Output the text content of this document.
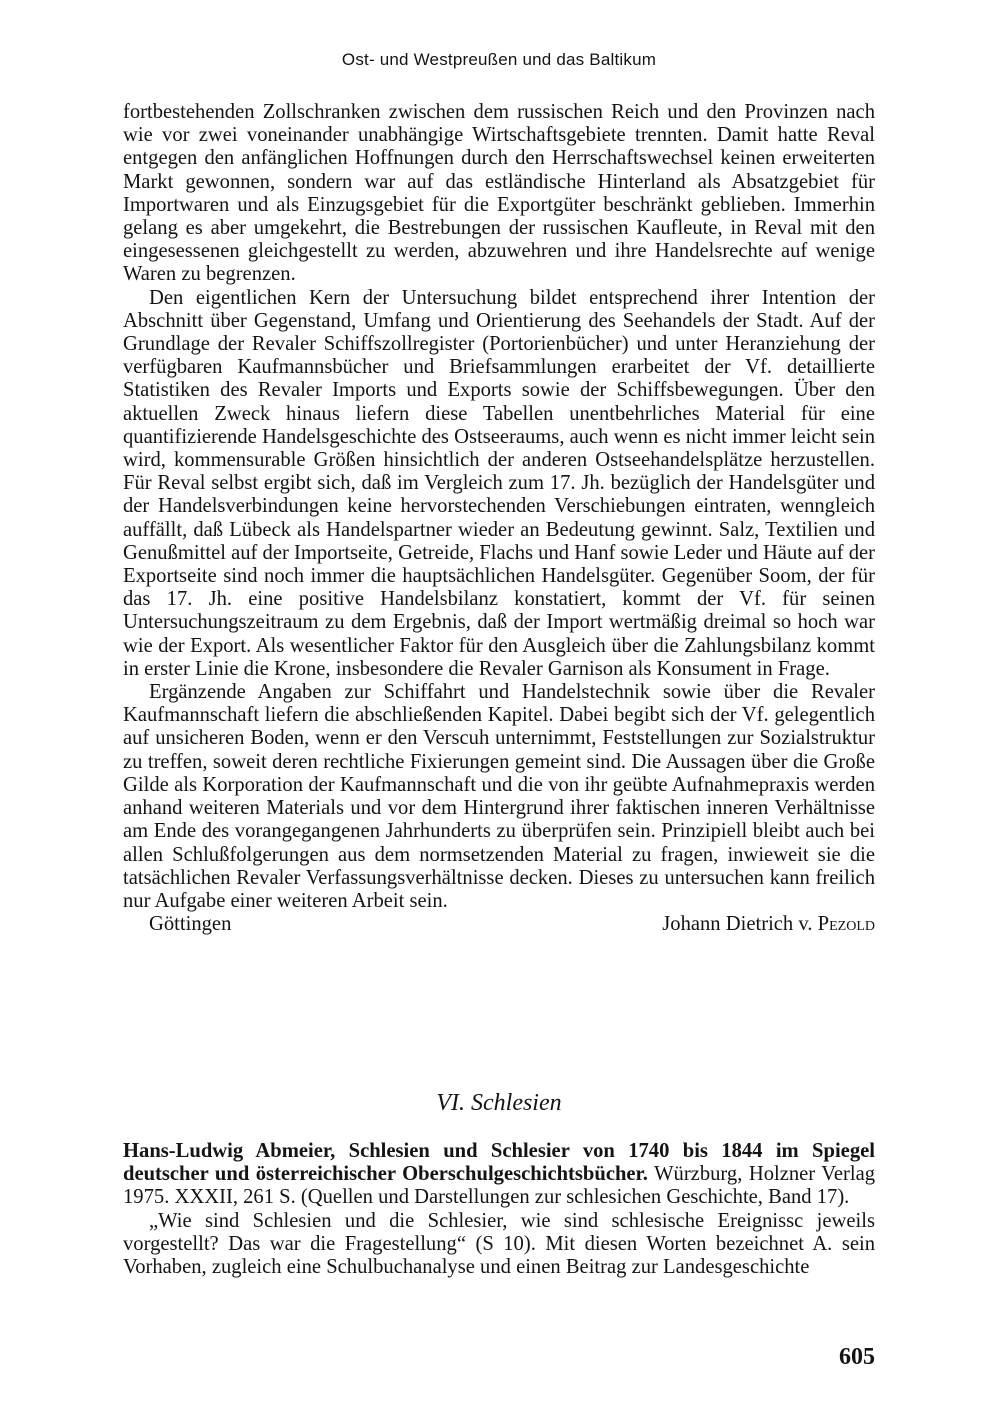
Ost- und Westpreußen und das Baltikum

fortbestehenden Zollschranken zwischen dem russischen Reich und den Provinzen nach wie vor zwei voneinander unabhängige Wirtschaftsgebiete trennten. Damit hatte Reval entgegen den anfänglichen Hoffnungen durch den Herrschaftswechsel keinen erweiterten Markt gewonnen, sondern war auf das estländische Hinterland als Absatzgebiet für Importwaren und als Einzugsgebiet für die Exportgüter beschränkt geblieben. Immerhin gelang es aber umgekehrt, die Bestrebungen der russischen Kaufleute, in Reval mit den eingesessenen gleichgestellt zu werden, abzuwehren und ihre Handelsrechte auf wenige Waren zu begrenzen.

Den eigentlichen Kern der Untersuchung bildet entsprechend ihrer Intention der Abschnitt über Gegenstand, Umfang und Orientierung des Seehandels der Stadt. Auf der Grundlage der Revaler Schiffszollregister (Portorienbücher) und unter Heranziehung der verfügbaren Kaufmannsbücher und Briefsammlungen erarbeitet der Vf. detaillierte Statistiken des Revaler Imports und Exports sowie der Schiffsbewegungen. Über den aktuellen Zweck hinaus liefern diese Tabellen unentbehrliches Material für eine quantifizierende Handelsgeschichte des Ostseeraums, auch wenn es nicht immer leicht sein wird, kommensurable Größen hinsichtlich der anderen Ostseehandelsplätze herzustellen. Für Reval selbst ergibt sich, daß im Vergleich zum 17. Jh. bezüglich der Handelsgüter und der Handelsverbindungen keine hervorstechenden Verschiebungen eintraten, wenngleich auffällt, daß Lübeck als Handelspartner wieder an Bedeutung gewinnt. Salz, Textilien und Genußmittel auf der Importseite, Getreide, Flachs und Hanf sowie Leder und Häute auf der Exportseite sind noch immer die hauptsächlichen Handelsgüter. Gegenüber Soom, der für das 17. Jh. eine positive Handelsbilanz konstatiert, kommt der Vf. für seinen Untersuchungszeitraum zu dem Ergebnis, daß der Import wertmäßig dreimal so hoch war wie der Export. Als wesentlicher Faktor für den Ausgleich über die Zahlungsbilanz kommt in erster Linie die Krone, insbesondere die Revaler Garnison als Konsument in Frage.

Ergänzende Angaben zur Schiffahrt und Handelstechnik sowie über die Revaler Kaufmannschaft liefern die abschließenden Kapitel. Dabei begibt sich der Vf. gelegentlich auf unsicheren Boden, wenn er den Verscuh unternimmt, Feststellungen zur Sozialstruktur zu treffen, soweit deren rechtliche Fixierungen gemeint sind. Die Aussagen über die Große Gilde als Korporation der Kaufmannschaft und die von ihr geübte Aufnahmepraxis werden anhand weiteren Materials und vor dem Hintergrund ihrer faktischen inneren Verhältnisse am Ende des vorangegangenen Jahrhunderts zu überprüfen sein. Prinzipiell bleibt auch bei allen Schlußfolgerungen aus dem normsetzenden Material zu fragen, inwieweit sie die tatsächlichen Revaler Verfassungsverhältnisse decken. Dieses zu untersuchen kann freilich nur Aufgabe einer weiteren Arbeit sein.

Göttingen	Johann Dietrich v. Pezold
VI. Schlesien

Hans-Ludwig Abmeier, Schlesien und Schlesier von 1740 bis 1844 im Spiegel deutscher und österreichischer Oberschulgeschichtsbücher. Würzburg, Holzner Verlag 1975. XXXII, 261 S. (Quellen und Darstellungen zur schlesichen Geschichte, Band 17).

„Wie sind Schlesien und die Schlesier, wie sind schlesische Ereignissc jeweils vorgestellt? Das war die Fragestellung“ (S 10). Mit diesen Worten bezeichnet A. sein Vorhaben, zugleich eine Schulbuchanalyse und einen Beitrag zur Landesgeschichte

605
